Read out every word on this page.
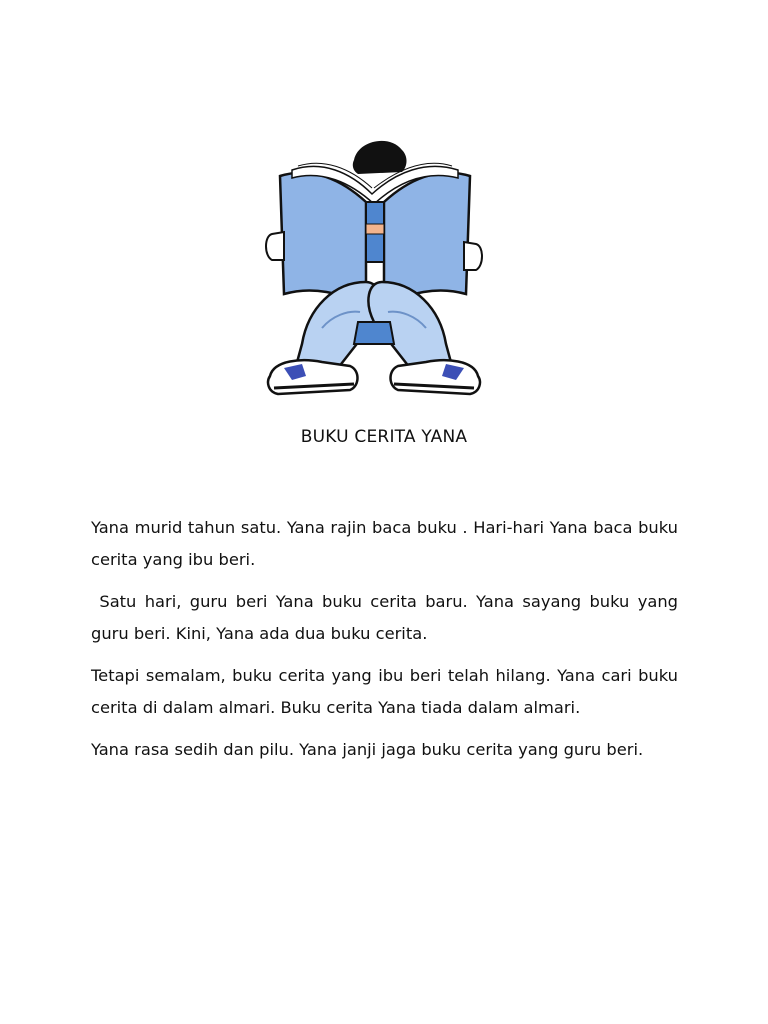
BUKU CERITA YANA

Yana murid tahun satu. Yana rajin baca buku . Hari-hari Yana baca buku cerita yang ibu beri.

Satu hari, guru beri Yana buku cerita baru. Yana sayang buku yang guru beri. Kini, Yana ada dua buku cerita.

Tetapi semalam, buku cerita yang ibu beri telah hilang. Yana cari buku cerita di dalam almari. Buku cerita Yana tiada dalam almari.

Yana rasa sedih dan pilu. Yana janji jaga buku cerita yang guru beri.
